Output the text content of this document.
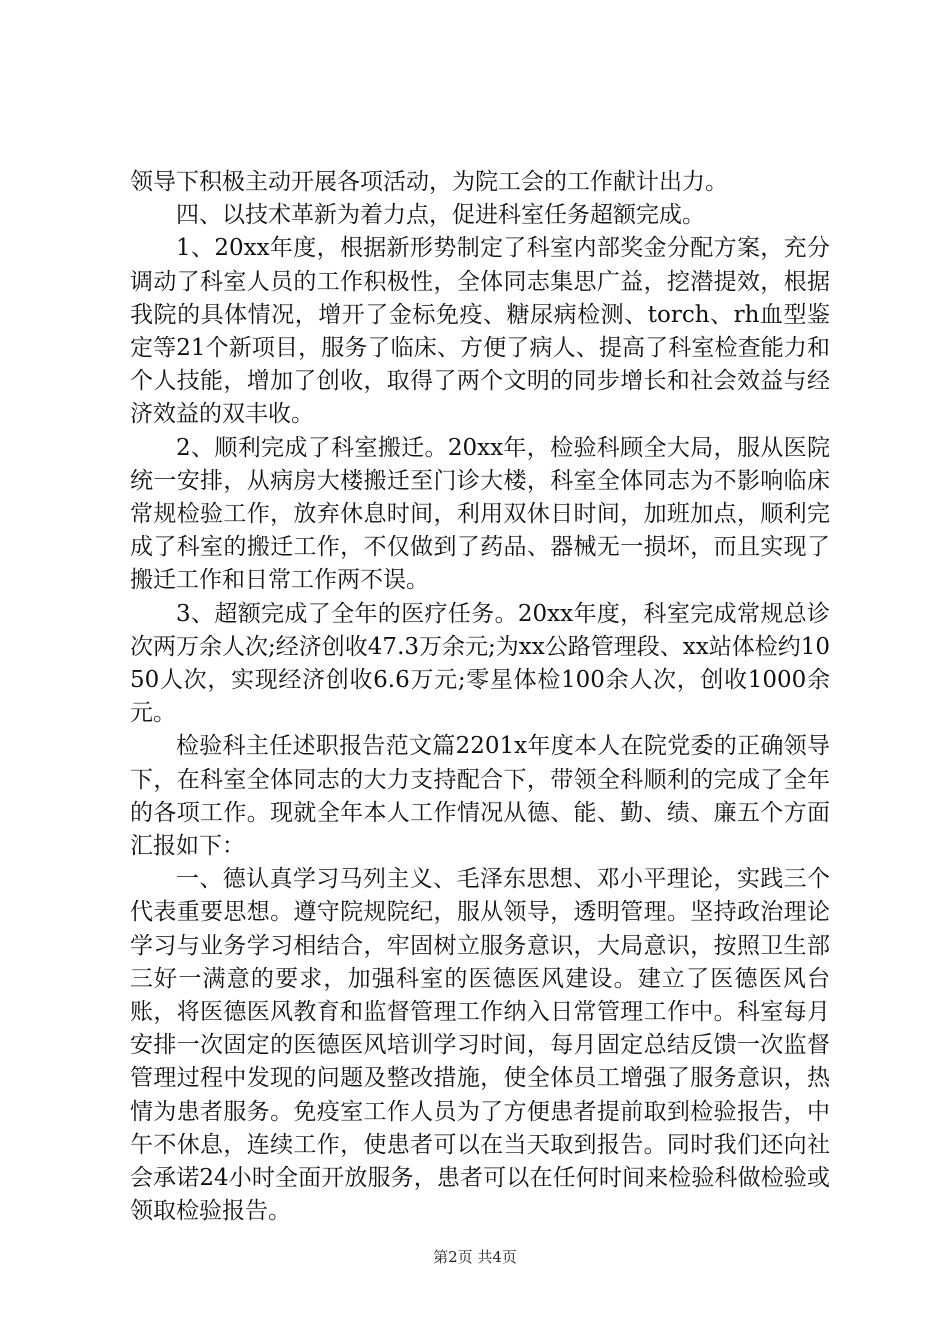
领导下积极主动开展各项活动，为院工会的工作献计出力。

四、以技术革新为着力点，促进科室任务超额完成。

1、20xx年度，根据新形势制定了科室内部奖金分配方案，充分调动了科室人员的工作积极性，全体同志集思广益，挖潜提效，根据我院的具体情况，增开了金标免疫、糖尿病检测、torch、rh血型鉴定等21个新项目，服务了临床、方便了病人、提高了科室检查能力和个人技能，增加了创收，取得了两个文明的同步增长和社会效益与经济效益的双丰收。

2、顺利完成了科室搬迁。20xx年，检验科顾全大局，服从医院统一安排，从病房大楼搬迁至门诊大楼，科室全体同志为不影响临床常规检验工作，放弃休息时间，利用双休日时间，加班加点，顺利完成了科室的搬迁工作，不仅做到了药品、器械无一损坏，而且实现了搬迁工作和日常工作两不误。

3、超额完成了全年的医疗任务。20xx年度，科室完成常规总诊次两万余人次;经济创收47.3万余元;为xx公路管理段、xx站体检约1050人次，实现经济创收6.6万元;零星体检100余人次，创收1000余元。

检验科主任述职报告范文篇2201x年度本人在院党委的正确领导下，在科室全体同志的大力支持配合下，带领全科顺利的完成了全年的各项工作。现就全年本人工作情况从德、能、勤、绩、廉五个方面汇报如下：

一、德认真学习马列主义、毛泽东思想、邓小平理论，实践三个代表重要思想。遵守院规院纪，服从领导，透明管理。坚持政治理论学习与业务学习相结合，牢固树立服务意识，大局意识，按照卫生部三好一满意的要求，加强科室的医德医风建设。建立了医德医风台账，将医德医风教育和监督管理工作纳入日常管理工作中。科室每月安排一次固定的医德医风培训学习时间，每月固定总结反馈一次监督管理过程中发现的问题及整改措施，使全体员工增强了服务意识，热情为患者服务。免疫室工作人员为了方便患者提前取到检验报告，中午不休息，连续工作，使患者可以在当天取到报告。同时我们还向社会承诺24小时全面开放服务，患者可以在任何时间来检验科做检验或领取检验报告。

第2页 共4页
